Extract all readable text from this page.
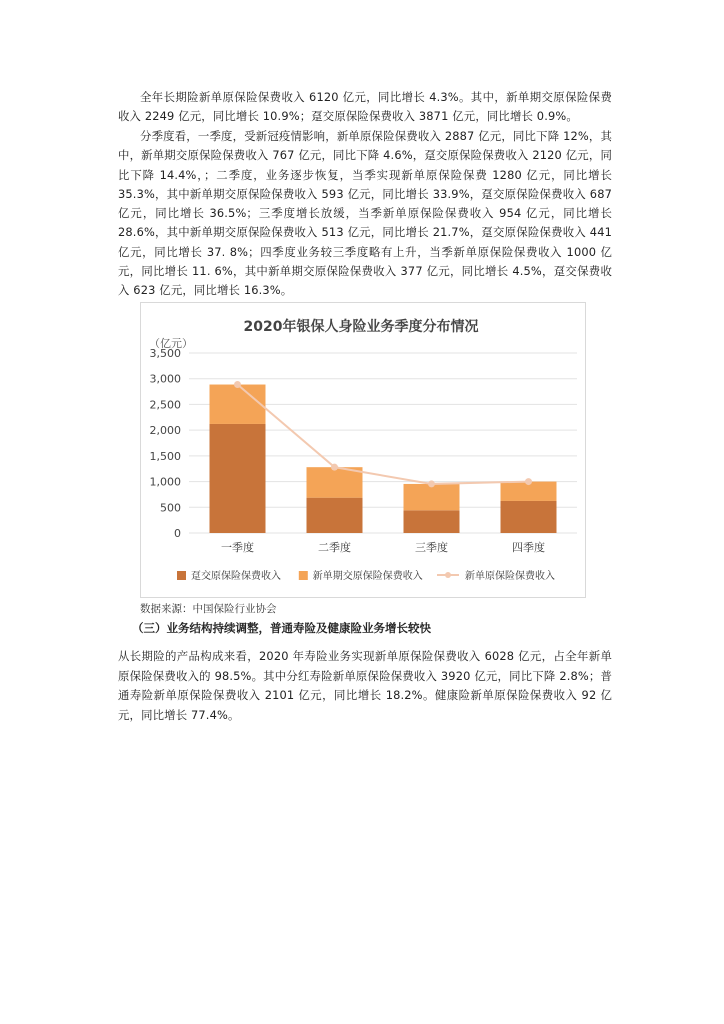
全年长期险新单原保险保费收入 6120 亿元，同比增长 4.3%。其中，新单期交原保险保费收入 2249 亿元，同比增长 10.9%；趸交原保险保费收入 3871 亿元，同比增长 0.9%。

分季度看，一季度，受新冠疫情影响，新单原保险保费收入 2887 亿元，同比下降 12%，其中，新单期交原保险保费收入 767 亿元，同比下降 4.6%，趸交原保险保费收入 2120 亿元，同比下降 14.4%，；二季度，业务逐步恢复，当季实现新单原保险保费 1280 亿元，同比增长 35.3%，其中新单期交原保险保费收入 593 亿元，同比增长 33.9%，趸交原保险保费收入 687 亿元，同比增长 36.5%；三季度增长放缓，当季新单原保险保费收入 954 亿元，同比增长 28.6%，其中新单期交原保险保费收入 513 亿元，同比增长 21.7%，趸交原保险保费收入 441 亿元，同比增长 37. 8%；四季度业务较三季度略有上升，当季新单原保险保费收入 1000 亿元，同比增长 11. 6%，其中新单期交原保险保费收入 377 亿元，同比增长 4.5%，趸交保费收入 623 亿元，同比增长 16.3%。

2020年银保人身险业务季度分布情况
（亿元）
0
500
1,000
1,500
2,000
2,500
3,000
3,500
一季度	二季度	三季度	四季度
趸交原保险保费收入	新单期交原保险保费收入	新单原保险保费收入

数据来源：中国保险行业协会

（三）业务结构持续调整，普通寿险及健康险业务增长较快

从长期险的产品构成来看，2020 年寿险业务实现新单原保险保费收入 6028 亿元，占全年新单原保险保费收入的 98.5%。其中分红寿险新单原保险保费收入 3920 亿元，同比下降 2.8%；普通寿险新单原保险保费收入 2101 亿元，同比增长 18.2%。健康险新单原保险保费收入 92 亿元，同比增长 77.4%。
